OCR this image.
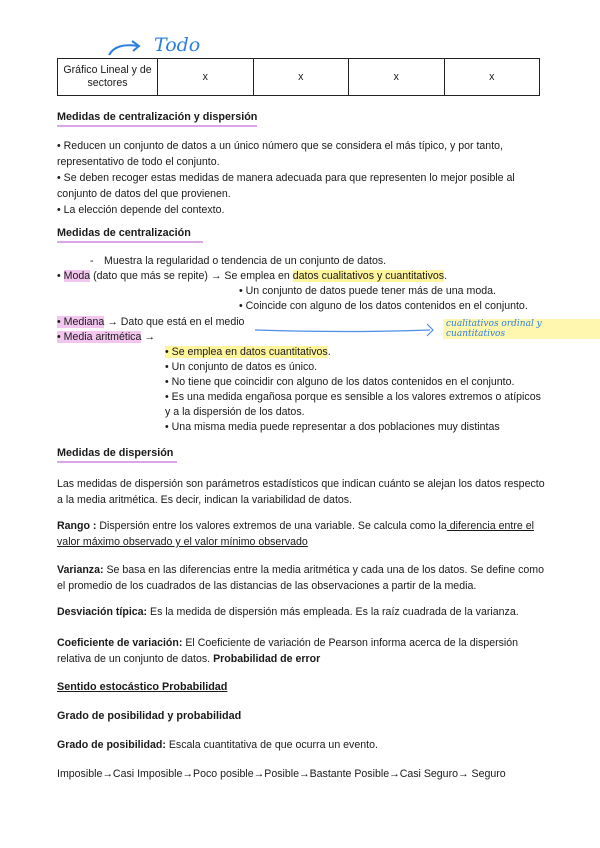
Todo
Gráfico Lineal y de sectores	x	x	x	x
Medidas de centralización y dispersión
• Reducen un conjunto de datos a un único número que se considera el más típico, y por tanto, representativo de todo el conjunto.
• Se deben recoger estas medidas de manera adecuada para que representen lo mejor posible al conjunto de datos del que provienen.
• La elección depende del contexto.
Medidas de centralización
- Muestra la regularidad o tendencia de un conjunto de datos.
• Moda (dato que más se repite) → Se emplea en datos cualitativos y cuantitativos.
• Un conjunto de datos puede tener más de una moda.
• Coincide con alguno de los datos contenidos en el conjunto.
• Mediana → Dato que está en el medio	cualitativos ordinal y cuantitativos
• Media aritmética →
• Se emplea en datos cuantitativos.
• Un conjunto de datos es único.
• No tiene que coincidir con alguno de los datos contenidos en el conjunto.
• Es una medida engañosa porque es sensible a los valores extremos o atípicos y a la dispersión de los datos.
• Una misma media puede representar a dos poblaciones muy distintas
Medidas de dispersión
Las medidas de dispersión son parámetros estadísticos que indican cuánto se alejan los datos respecto a la media aritmética. Es decir, indican la variabilidad de datos.
Rango : Dispersión entre los valores extremos de una variable. Se calcula como la diferencia entre el valor máximo observado y el valor mínimo observado
Varianza: Se basa en las diferencias entre la media aritmética y cada una de los datos. Se define como el promedio de los cuadrados de las distancias de las observaciones a partir de la media.
Desviación típica: Es la medida de dispersión más empleada. Es la raíz cuadrada de la varianza.
Coeficiente de variación: El Coeficiente de variación de Pearson informa acerca de la dispersión relativa de un conjunto de datos. Probabilidad de error
Sentido estocástico Probabilidad
Grado de posibilidad y probabilidad
Grado de posibilidad: Escala cuantitativa de que ocurra un evento.
Imposible→Casi Imposible→Poco posible→Posible→Bastante Posible→Casi Seguro→ Seguro
